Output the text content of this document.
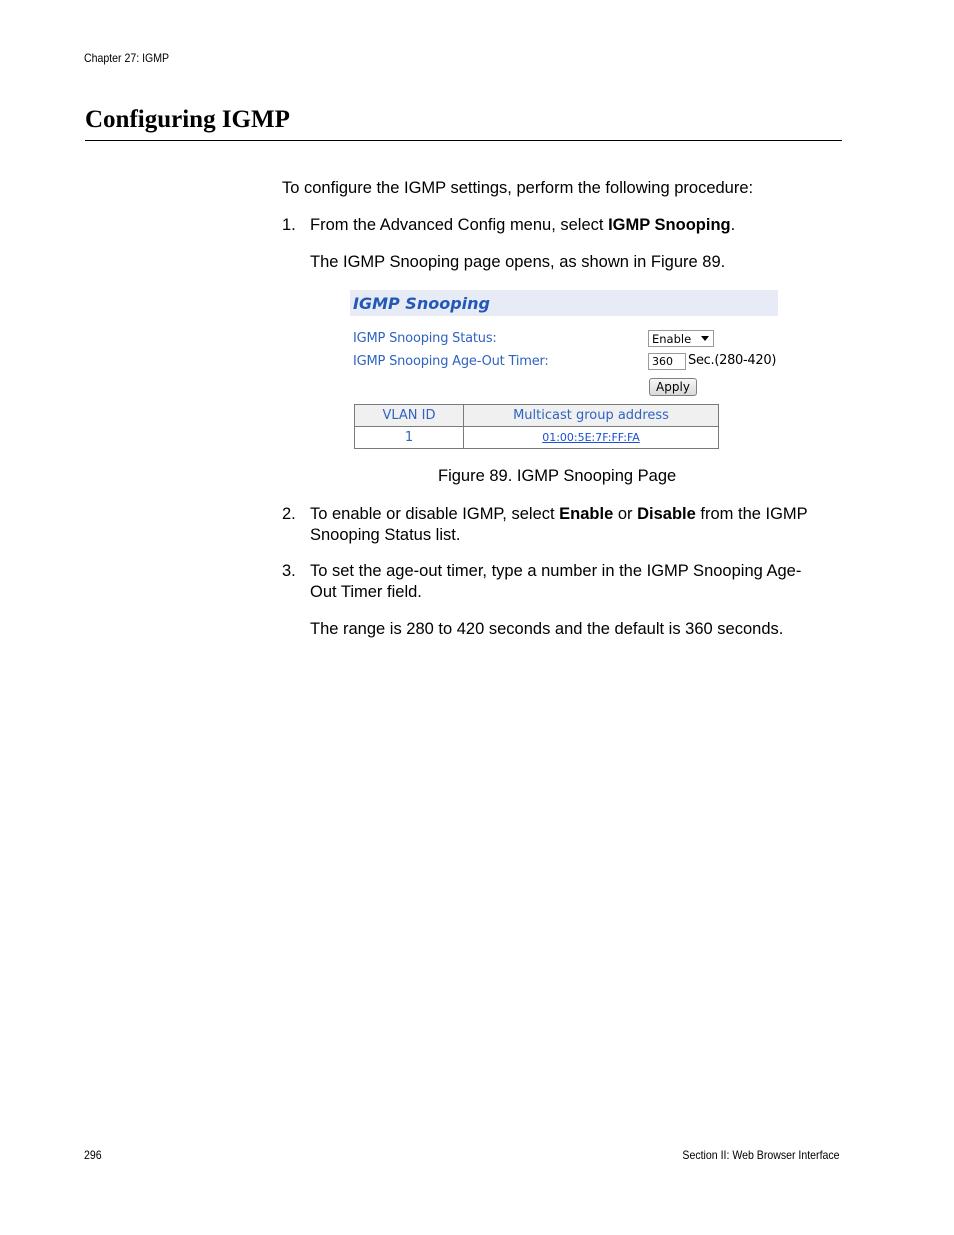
Chapter 27: IGMP
Configuring IGMP
To configure the IGMP settings, perform the following procedure:
1. From the Advanced Config menu, select IGMP Snooping.
The IGMP Snooping page opens, as shown in Figure 89.
IGMP Snooping
IGMP Snooping Status:	Enable
IGMP Snooping Age-Out Timer:	360 Sec.(280-420)
Apply
VLAN ID	Multicast group address
1	01:00:5E:7F:FF:FA
Figure 89. IGMP Snooping Page
2. To enable or disable IGMP, select Enable or Disable from the IGMP
Snooping Status list.
3. To set the age-out timer, type a number in the IGMP Snooping Age-
Out Timer field.
The range is 280 to 420 seconds and the default is 360 seconds.
296	Section II: Web Browser Interface
